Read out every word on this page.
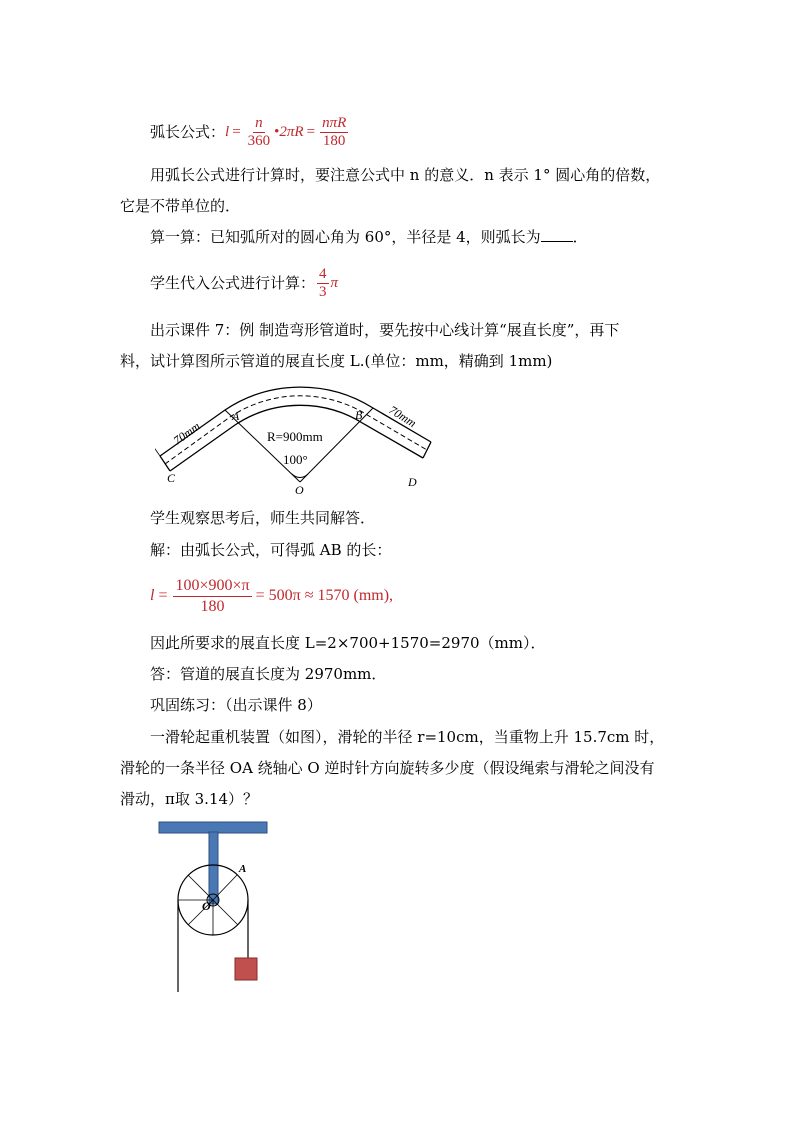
弧长公式： $l = \frac{n}{360}$ • $2\pi R = \frac{\text{nπR}}{180}$
用弧长公式进行计算时，要注意公式中 n 的意义．n 表示 1° 圆心角的倍数，
它是不带单位的．
算一算：已知弧所对的圆心角为 60°，半径是 4，则弧长为 ．
学生代入公式进行计算： $\frac{4}{3}$ π
出示课件 7：例 制造弯形管道时，要先按中心线计算“展直长度”，再下
料，试计算图所示管道的展直长度 L.(单位：mm，精确到 1mm)
70mm
70mm
A	B
C	D
O
R=900mm
100°
学生观察思考后，师生共同解答．
解：由弧长公式，可得弧 AB 的长：
$l = \frac{100\times 900\times\pi}{180} = 500\pi \approx 1570$ (mm),
因此所要求的展直长度 L=2×700+1570=2970（mm）．
答：管道的展直长度为 2970mm．
巩固练习：（出示课件 8）
一滑轮起重机装置（如图），滑轮的半径 r=10cm，当重物上升 15.7cm 时，
滑轮的一条半径 OA 绕轴心 O 逆时针方向旋转多少度（假设绳索与滑轮之间没有
滑动，π取 3.14）？
A
O
